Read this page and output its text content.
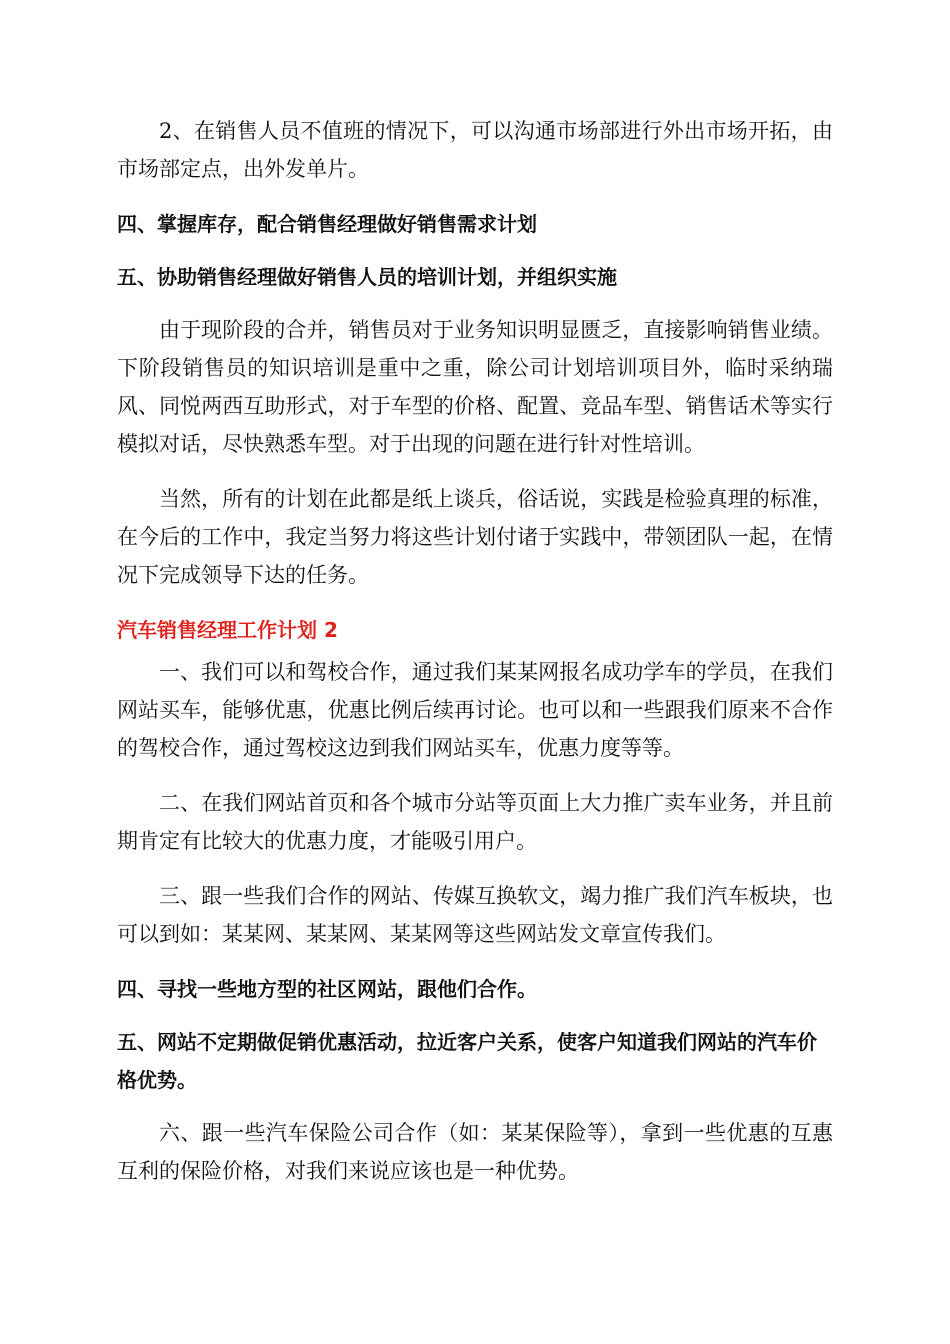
2、在销售人员不值班的情况下，可以沟通市场部进行外出市场开拓，由市场部定点，出外发单片。

四、掌握库存，配合销售经理做好销售需求计划

五、协助销售经理做好销售人员的培训计划，并组织实施

由于现阶段的合并，销售员对于业务知识明显匮乏，直接影响销售业绩。下阶段销售员的知识培训是重中之重，除公司计划培训项目外，临时采纳瑞风、同悦两西互助形式，对于车型的价格、配置、竞品车型、销售话术等实行模拟对话，尽快熟悉车型。对于出现的问题在进行针对性培训。

当然，所有的计划在此都是纸上谈兵，俗话说，实践是检验真理的标准，在今后的工作中，我定当努力将这些计划付诸于实践中，带领团队一起，在情况下完成领导下达的任务。

汽车销售经理工作计划 2

一、我们可以和驾校合作，通过我们某某网报名成功学车的学员，在我们网站买车，能够优惠，优惠比例后续再讨论。也可以和一些跟我们原来不合作的驾校合作，通过驾校这边到我们网站买车，优惠力度等等。

二、在我们网站首页和各个城市分站等页面上大力推广卖车业务，并且前期肯定有比较大的优惠力度，才能吸引用户。

三、跟一些我们合作的网站、传媒互换软文，竭力推广我们汽车板块，也可以到如：某某网、某某网、某某网等这些网站发文章宣传我们。

四、寻找一些地方型的社区网站，跟他们合作。

五、网站不定期做促销优惠活动，拉近客户关系，使客户知道我们网站的汽车价格优势。

六、跟一些汽车保险公司合作（如：某某保险等），拿到一些优惠的互惠互利的保险价格，对我们来说应该也是一种优势。
